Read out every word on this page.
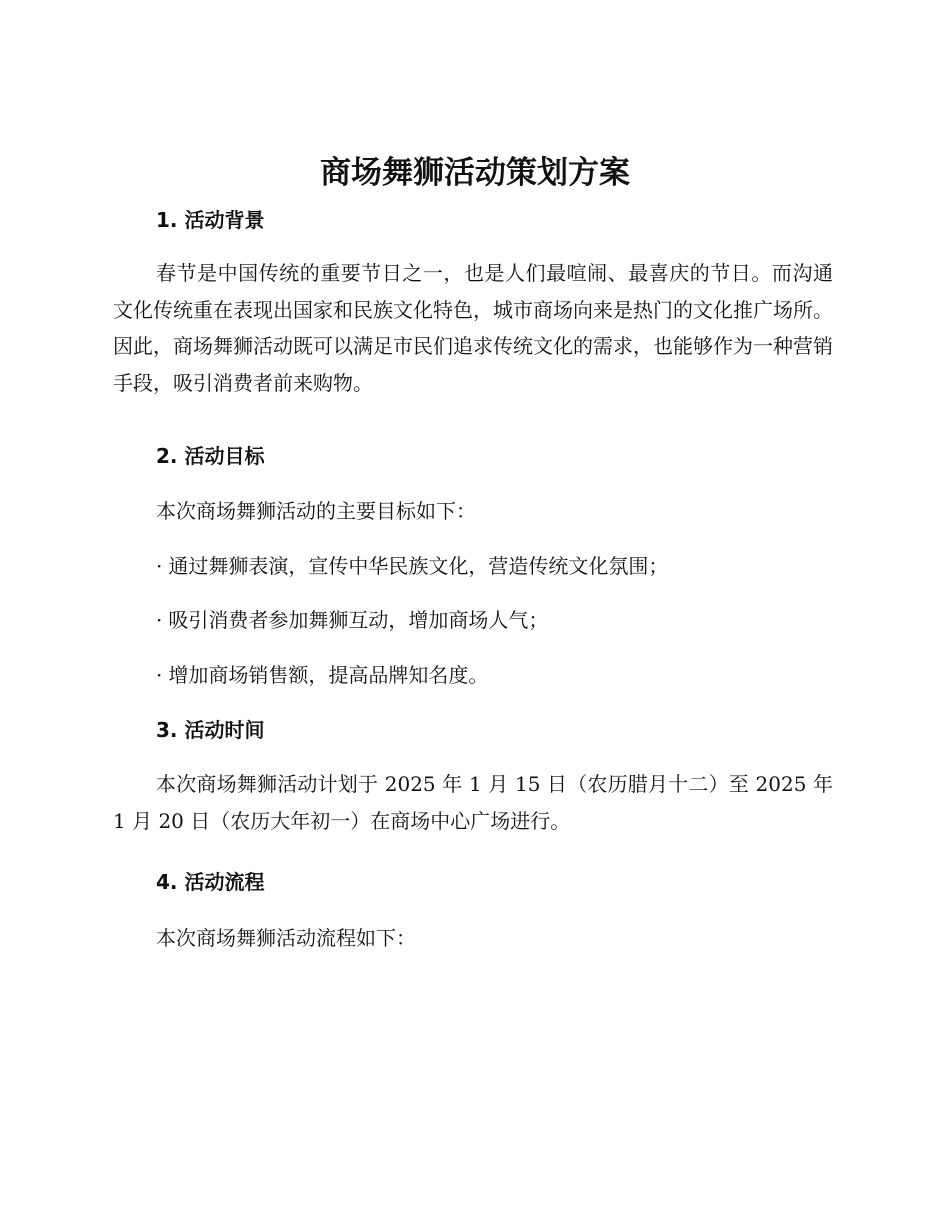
商场舞狮活动策划方案
1. 活动背景
春节是中国传统的重要节日之一，也是人们最喧闹、最喜庆的节日。而沟通文化传统重在表现出国家和民族文化特色，城市商场向来是热门的文化推广场所。因此，商场舞狮活动既可以满足市民们追求传统文化的需求，也能够作为一种营销手段，吸引消费者前来购物。
2. 活动目标
本次商场舞狮活动的主要目标如下：
· 通过舞狮表演，宣传中华民族文化，营造传统文化氛围；
· 吸引消费者参加舞狮互动，增加商场人气；
· 增加商场销售额，提高品牌知名度。
3. 活动时间
本次商场舞狮活动计划于 2025 年 1 月 15 日（农历腊月十二）至 2025 年 1 月 20 日（农历大年初一）在商场中心广场进行。
4. 活动流程
本次商场舞狮活动流程如下：
